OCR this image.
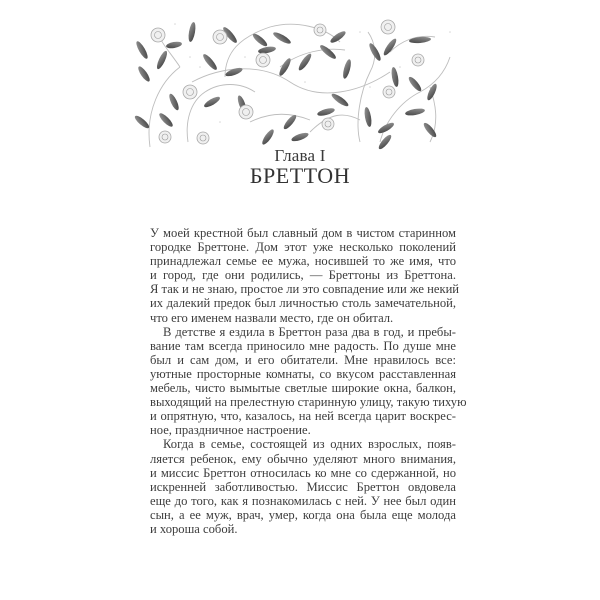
Глава I
БРЕТТОН
У моей крестной был славный дом в чистом старинном
городке Бреттоне. Дом этот уже несколько поколений
принадлежал семье ее мужа, носившей то же имя, что
и город, где они родились, — Бреттоны из Бреттона.
Я так и не знаю, простое ли это совпадение или же некий
их далекий предок был личностью столь замечательной,
что его именем назвали место, где он обитал.
В детстве я ездила в Бреттон раза два в год, и пребы-
вание там всегда приносило мне радость. По душе мне
был и сам дом, и его обитатели. Мне нравилось все:
уютные просторные комнаты, со вкусом расставленная
мебель, чисто вымытые светлые широкие окна, балкон,
выходящий на прелестную старинную улицу, такую тихую
и опрятную, что, казалось, на ней всегда царит воскрес-
ное, праздничное настроение.
Когда в семье, состоящей из одних взрослых, появ-
ляется ребенок, ему обычно уделяют много внимания,
и миссис Бреттон относилась ко мне со сдержанной, но
искренней заботливостью. Миссис Бреттон овдовела
еще до того, как я познакомилась с ней. У нее был один
сын, а ее муж, врач, умер, когда она была еще молода
и хороша собой.
